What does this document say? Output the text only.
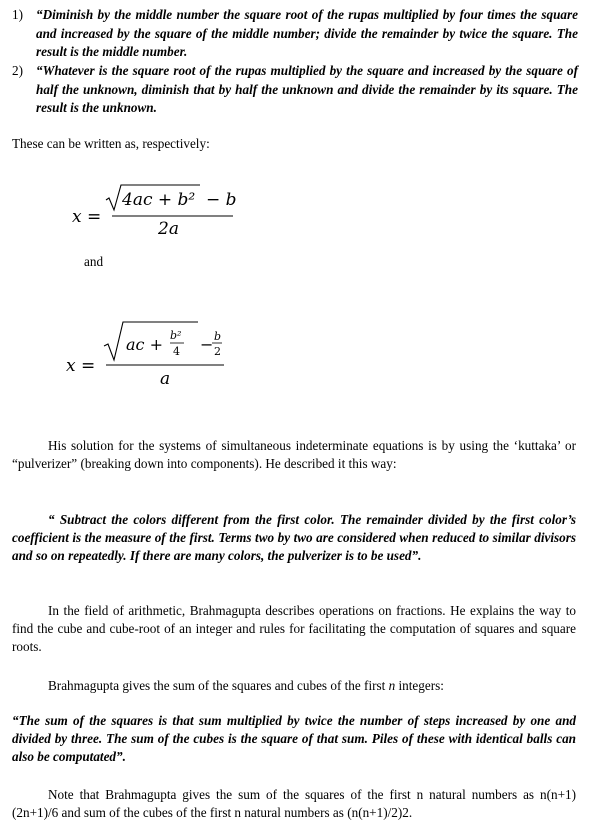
1) “Diminish by the middle number the square root of the rupas multiplied by four times the square and increased by the square of the middle number; divide the remainder by twice the square. The result is the middle number.
2) “Whatever is the square root of the rupas multiplied by the square and increased by the square of half the unknown, diminish that by half the unknown and divide the remainder by its square. The result is the unknown.
These can be written as, respectively:
x =
4ac + b² − b
2a
and
x =
ac + b²
4 − b
2
a
His solution for the systems of simultaneous indeterminate equations is by using the ‘kuttaka’ or “pulverizer” (breaking down into components). He described it this way:
“ Subtract the colors different from the first color. The remainder divided by the first color’s coefficient is the measure of the first. Terms two by two are considered when reduced to similar divisors and so on repeatedly. If there are many colors, the pulverizer is to be used”.
In the field of arithmetic, Brahmagupta describes operations on fractions. He explains the way to find the cube and cube-root of an integer and rules for facilitating the computation of squares and square roots.
Brahmagupta gives the sum of the squares and cubes of the first n integers:
“The sum of the squares is that sum multiplied by twice the number of steps increased by one and divided by three. The sum of the cubes is the square of that sum. Piles of these with identical balls can also be computated”.
Note that Brahmagupta gives the sum of the squares of the first n natural numbers as n(n+1)(2n+1)/6 and sum of the cubes of the first n natural numbers as (n(n+1)/2)2.
